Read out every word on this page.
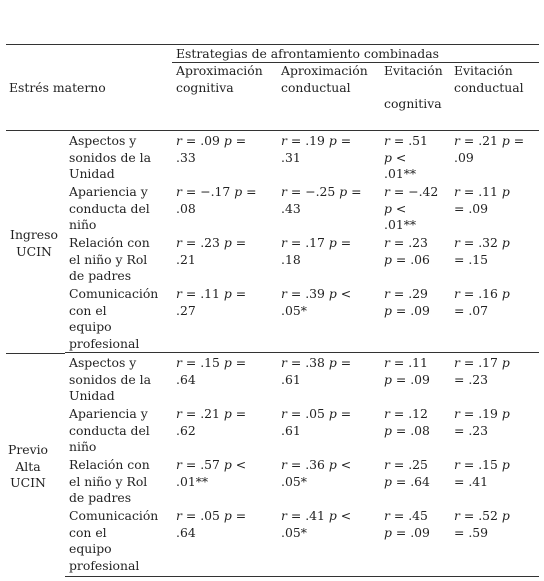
Estrategias de afrontamiento combinadas
Estrés materno
Aproximación
cognitiva
Aproximación
conductual
Evitación
cognitiva
Evitación
conductual
Ingreso
UCIN
Previo
Alta
UCIN
Aspectos y
sonidos de la
Unidad
r = .09 p =
.33
r = .19 p =
.31
r = .51
p <
.01**
r = .21 p =
.09
Apariencia y
conducta del
niño
r = −.17 p =
.08
r = −.25 p =
.43
r = −.42
p <
.01**
r = .11 p
= .09
Relación con
el niño y Rol
de padres
r = .23 p =
.21
r = .17 p =
.18
r = .23
p = .06
r = .32 p
= .15
Comunicación
con el
equipo
profesional
r = .11 p =
.27
r = .39 p <
.05*
r = .29
p = .09
r = .16 p
= .07
Aspectos y
sonidos de la
Unidad
r = .15 p =
.64
r = .38 p =
.61
r = .11
p = .09
r = .17 p
= .23
Apariencia y
conducta del
niño
r = .21 p =
.62
r = .05 p =
.61
r = .12
p = .08
r = .19 p
= .23
Relación con
el niño y Rol
de padres
r = .57 p <
.01**
r = .36 p <
.05*
r = .25
p = .64
r = .15 p
= .41
Comunicación
con el
equipo
profesional
r = .05 p =
.64
r = .41 p <
.05*
r = .45
p = .09
r = .52 p
= .59
